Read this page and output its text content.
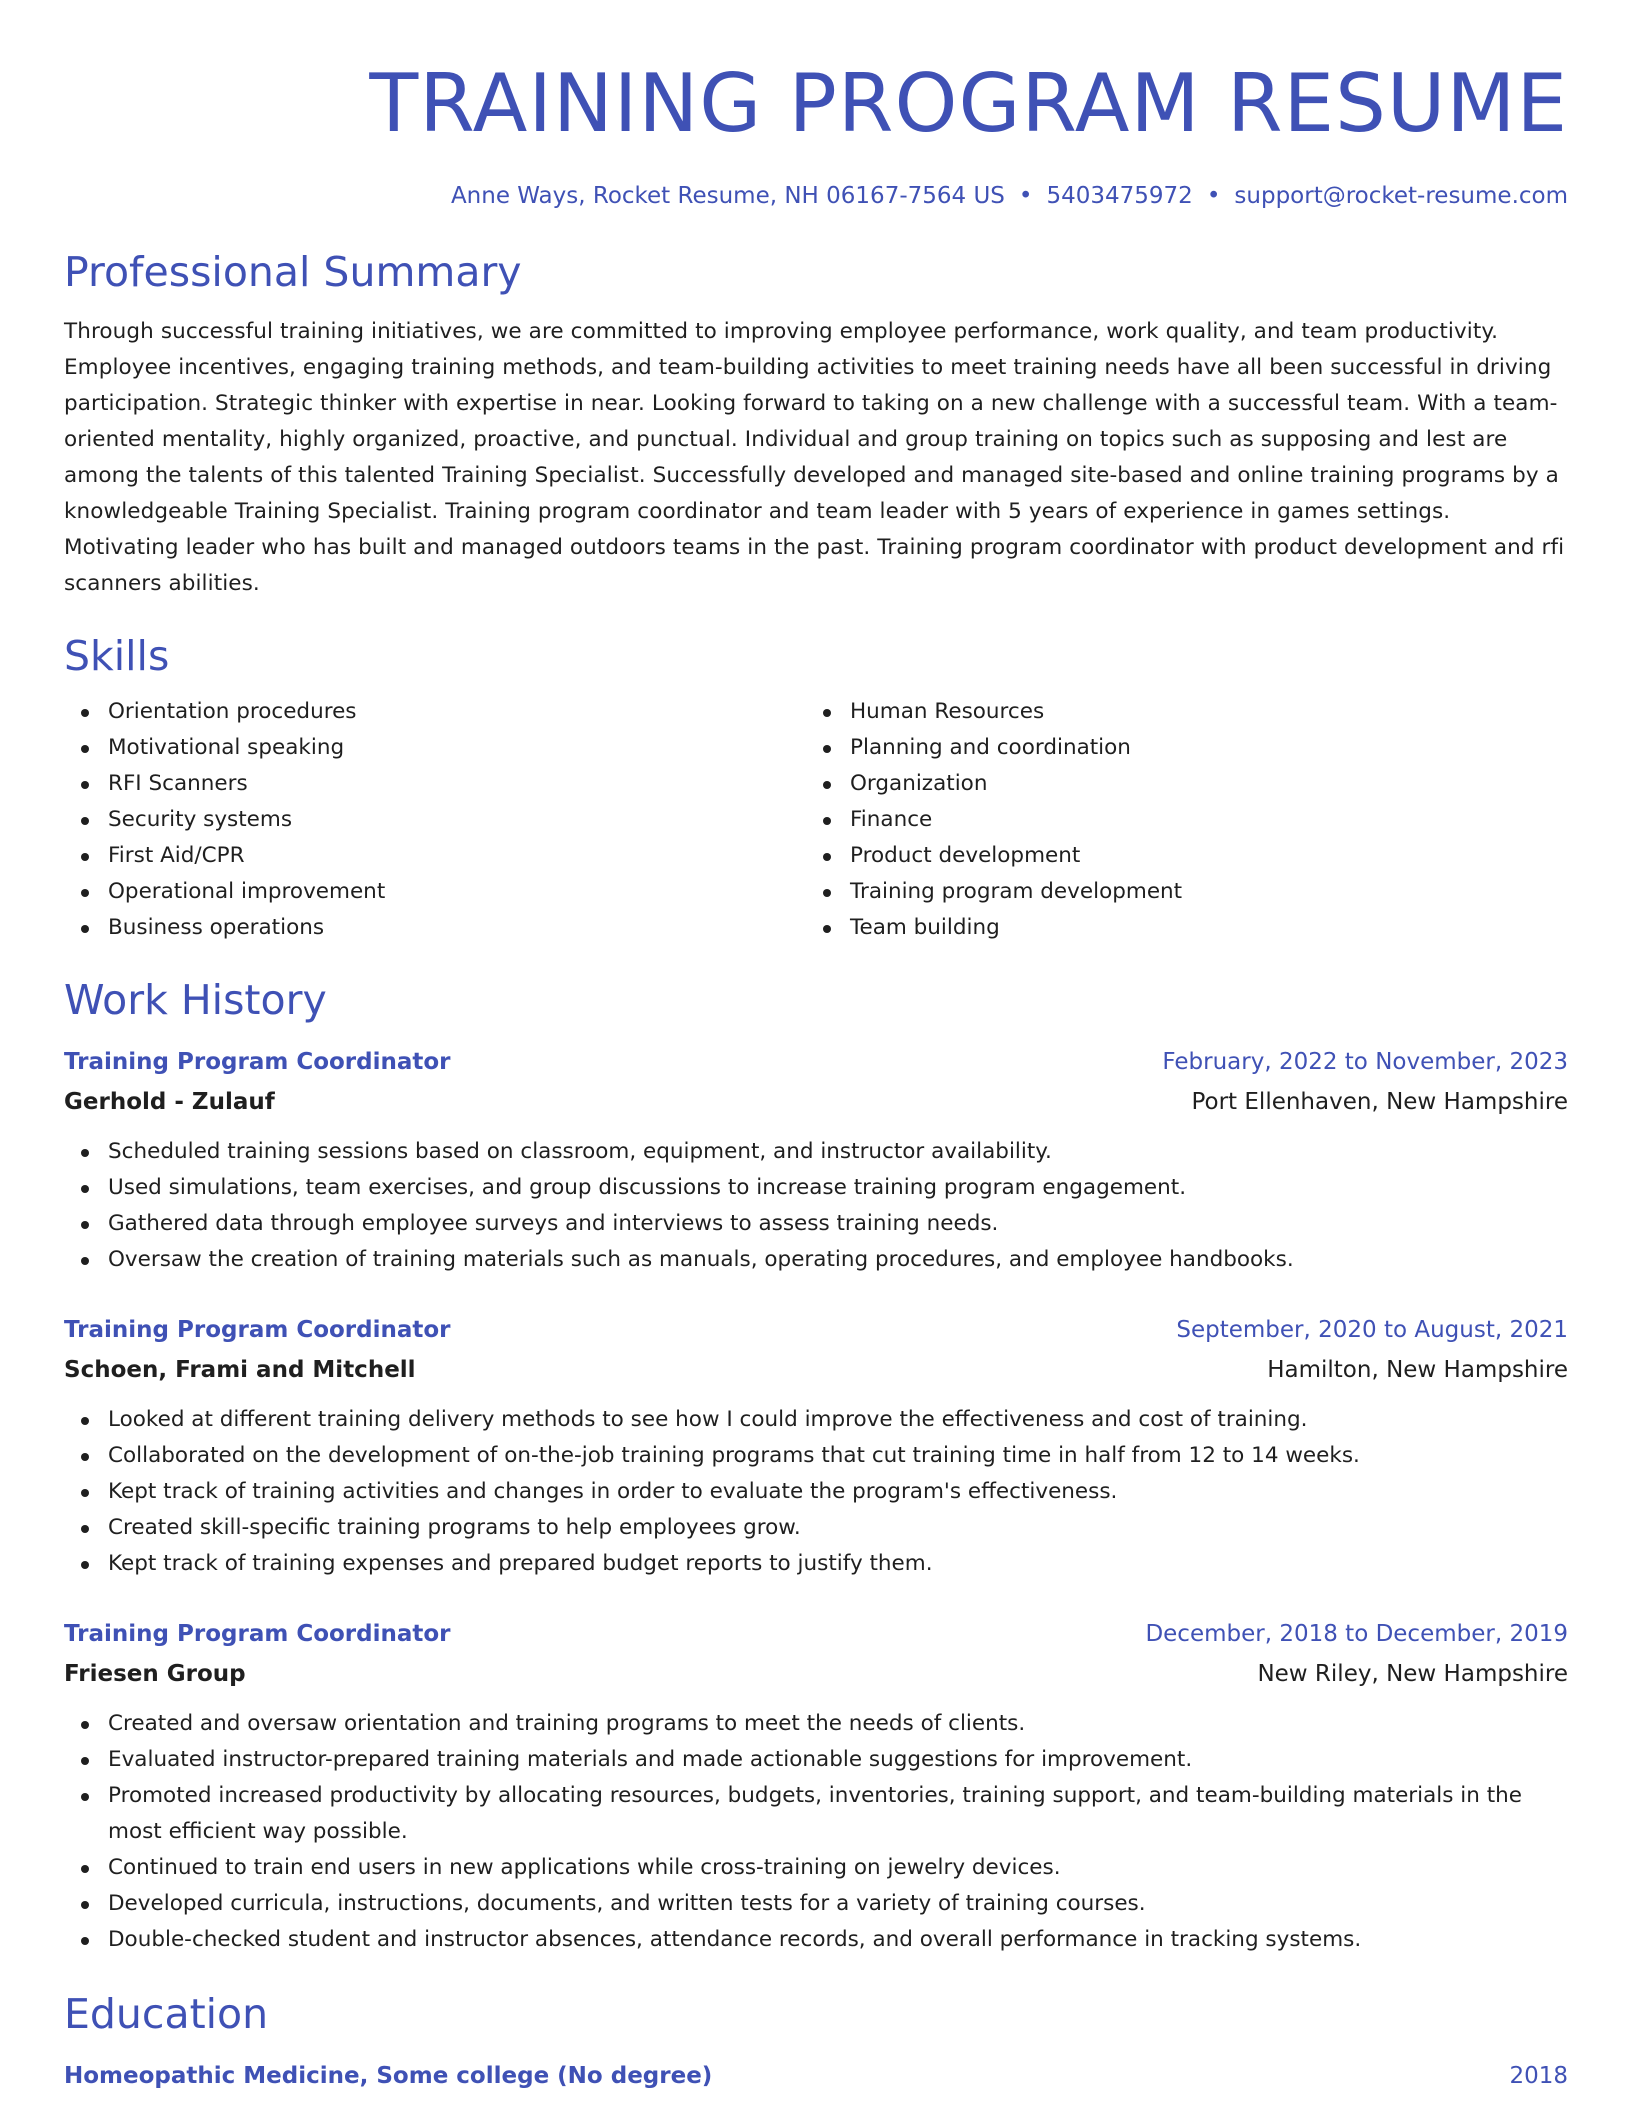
TRAINING PROGRAM RESUME
Anne Ways, Rocket Resume, NH 06167-7564 US • 5403475972 • support@rocket-resume.com
Professional Summary
Through successful training initiatives, we are committed to improving employee performance, work quality, and team productivity. Employee incentives, engaging training methods, and team-building activities to meet training needs have all been successful in driving participation. Strategic thinker with expertise in near. Looking forward to taking on a new challenge with a successful team. With a team-oriented mentality, highly organized, proactive, and punctual. Individual and group training on topics such as supposing and lest are among the talents of this talented Training Specialist. Successfully developed and managed site-based and online training programs by a knowledgeable Training Specialist. Training program coordinator and team leader with 5 years of experience in games settings. Motivating leader who has built and managed outdoors teams in the past. Training program coordinator with product development and rfi scanners abilities.
Skills
Orientation procedures
Motivational speaking
RFI Scanners
Security systems
First Aid/CPR
Operational improvement
Business operations
Human Resources
Planning and coordination
Organization
Finance
Product development
Training program development
Team building
Work History
Training Program Coordinator	February, 2022 to November, 2023
Gerhold - Zulauf	Port Ellenhaven, New Hampshire
Scheduled training sessions based on classroom, equipment, and instructor availability.
Used simulations, team exercises, and group discussions to increase training program engagement.
Gathered data through employee surveys and interviews to assess training needs.
Oversaw the creation of training materials such as manuals, operating procedures, and employee handbooks.
Training Program Coordinator	September, 2020 to August, 2021
Schoen, Frami and Mitchell	Hamilton, New Hampshire
Looked at different training delivery methods to see how I could improve the effectiveness and cost of training.
Collaborated on the development of on-the-job training programs that cut training time in half from 12 to 14 weeks.
Kept track of training activities and changes in order to evaluate the program's effectiveness.
Created skill-specific training programs to help employees grow.
Kept track of training expenses and prepared budget reports to justify them.
Training Program Coordinator	December, 2018 to December, 2019
Friesen Group	New Riley, New Hampshire
Created and oversaw orientation and training programs to meet the needs of clients.
Evaluated instructor-prepared training materials and made actionable suggestions for improvement.
Promoted increased productivity by allocating resources, budgets, inventories, training support, and team-building materials in the most efficient way possible.
Continued to train end users in new applications while cross-training on jewelry devices.
Developed curricula, instructions, documents, and written tests for a variety of training courses.
Double-checked student and instructor absences, attendance records, and overall performance in tracking systems.
Education
Homeopathic Medicine, Some college (No degree)	2018
